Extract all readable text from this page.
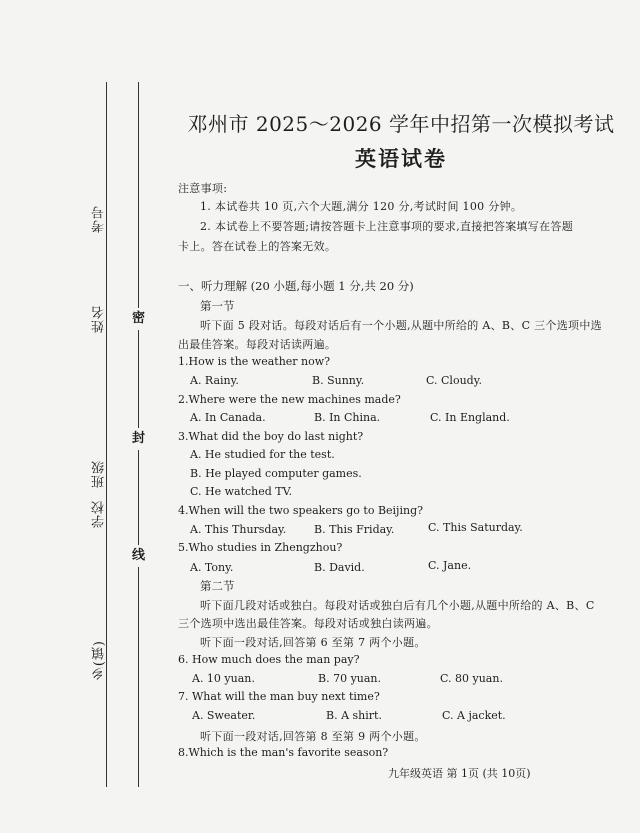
考号
姓名
班级
学校
乡(镇)
密
封
线
邓州市 2025～2026 学年中招第一次模拟考试
英语试卷
注意事项:
1. 本试卷共 10 页,六个大题,满分 120 分,考试时间 100 分钟。
2. 本试卷上不要答题;请按答题卡上注意事项的要求,直接把答案填写在答题
卡上。答在试卷上的答案无效。
一、听力理解 (20 小题,每小题 1 分,共 20 分)
第一节
听下面 5 段对话。每段对话后有一个小题,从题中所给的 A、B、C 三个选项中选
出最佳答案。每段对话读两遍。
1.How is the weather now?
A. Rainy.	B. Sunny.	C. Cloudy.
2.Where were the new machines made?
A. In Canada.	B. In China.	C. In England.
3.What did the boy do last night?
A. He studied for the test.
B. He played computer games.
C. He watched TV.
4.When will the two speakers go to Beijing?
A. This Thursday.	B. This Friday.	C. This Saturday.
5.Who studies in Zhengzhou?
A. Tony.	B. David.	C. Jane.
第二节
听下面几段对话或独白。每段对话或独白后有几个小题,从题中所给的 A、B、C
三个选项中选出最佳答案。每段对话或独白读两遍。
听下面一段对话,回答第 6 至第 7 两个小题。
6. How much does the man pay?
A. 10 yuan.	B. 70 yuan.	C. 80 yuan.
7. What will the man buy next time?
A. Sweater.	B. A shirt.	C. A jacket.
听下面一段对话,回答第 8 至第 9 两个小题。
8.Which is the man's favorite season?
九年级英语 第 1页 (共 10页)
